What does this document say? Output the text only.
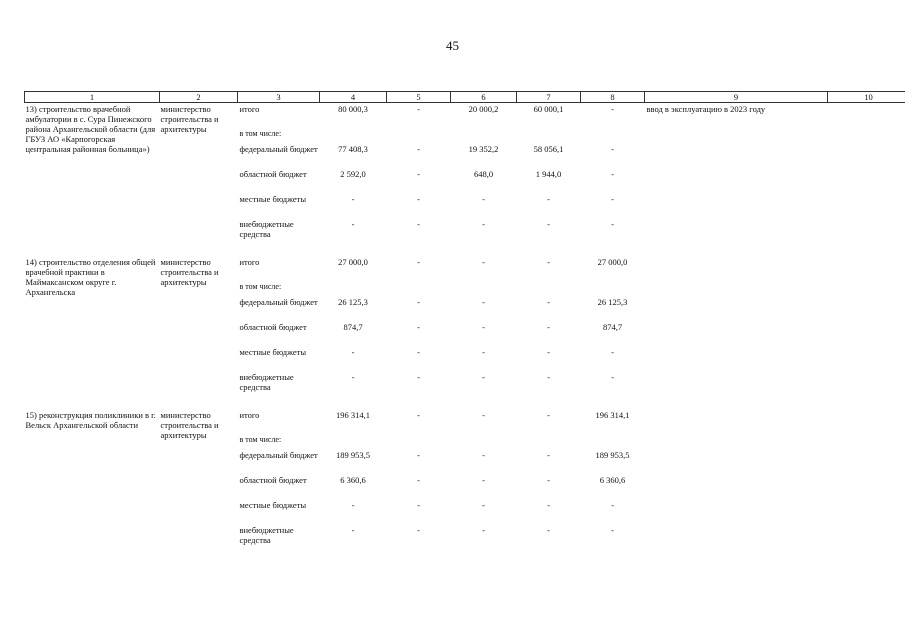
45
1	2	3	4	5	6	7	8	9	10
13) строительство врачебной амбулатории в с. Сура Пинежского района Архангельской области (для ГБУЗ АО «Карпогорская центральная районная больница»)	министерство строительства и архитектуры	итого	80 000,3	-	20 000,2	60 000,1	-	ввод в эксплуатацию в 2023 году	
		в том числе:							
		федеральный бюджет	77 408,3	-	19 352,2	58 056,1	-		
		областной бюджет	2 592,0	-	648,0	1 944,0	-		
		местные бюджеты	-	-	-	-	-		
		внебюджетные средства	-	-	-	-	-		

14) строительство отделения общей врачебной практики в Маймаксанском округе г. Архангельска	министерство строительства и архитектуры	итого	27 000,0	-	-	-	27 000,0		
		в том числе:							
		федеральный бюджет	26 125,3	-	-	-	26 125,3		
		областной бюджет	874,7	-	-	-	874,7		
		местные бюджеты	-	-	-	-	-		
		внебюджетные средства	-	-	-	-	-		

15) реконструкция поликлиники в г. Вельск Архангельской области	министерство строительства и архитектуры	итого	196 314,1	-	-	-	196 314,1		
		в том числе:							
		федеральный бюджет	189 953,5	-	-	-	189 953,5		
		областной бюджет	6 360,6	-	-	-	6 360,6		
		местные бюджеты	-	-	-	-	-		
		внебюджетные средства	-	-	-	-	-		
